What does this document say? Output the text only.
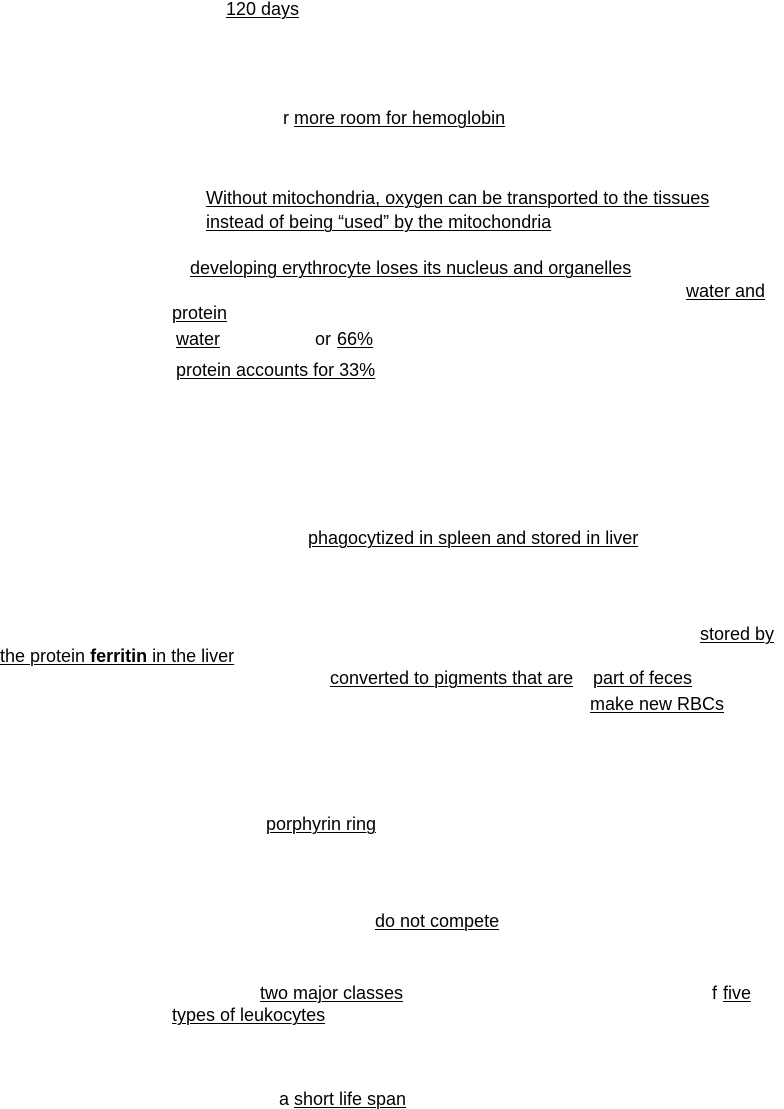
120 days
r more room for hemoglobin
Without mitochondria, oxygen can be transported to the tissues
instead of being “used” by the mitochondria
developing erythrocyte loses its nucleus and organelles
water and
protein
water	or 66%
protein accounts for 33%
phagocytized in spleen and stored in liver
stored by
the protein ferritin in the liver
converted to pigments that are part of feces
make new RBCs
porphyrin ring
do not compete
two major classes	f five
types of leukocytes
a short life span
